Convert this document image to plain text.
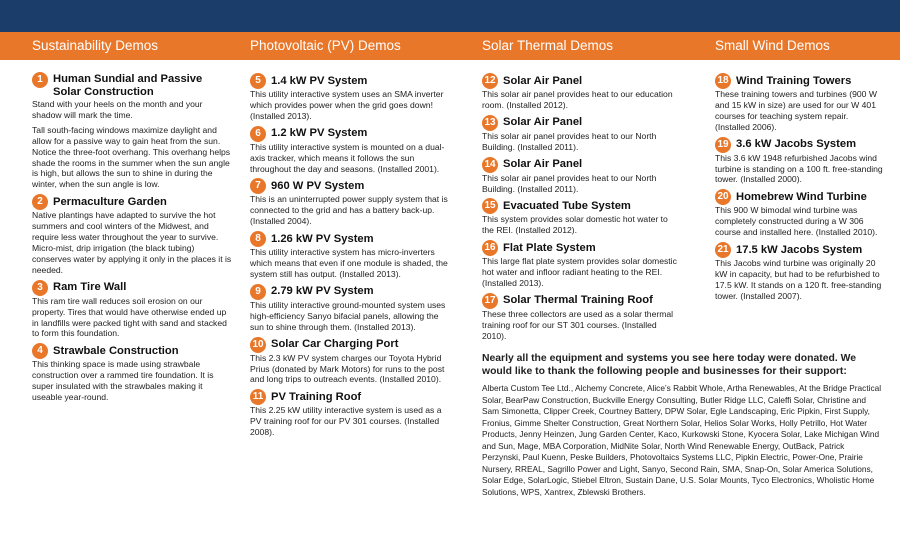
Sustainability Demos	Photovoltaic (PV) Demos	Solar Thermal Demos	Small Wind Demos
1 Human Sundial and Passive Solar Construction

Stand with your heels on the month and your shadow will mark the time.

Tall south-facing windows maximize daylight and allow for a passive way to gain heat from the sun. Notice the three-foot overhang. This overhang helps shade the rooms in the summer when the sun angle is high, but allows the sun to shine in during the winter, when the sun angle is low.

2 Permaculture Garden

Native plantings have adapted to survive the hot summers and cool winters of the Midwest, and require less water throughout the year to survive. Micro-mist, drip irrigation (the black tubing) conserves water by applying it only in the places it is needed.

3 Ram Tire Wall

This ram tire wall reduces soil erosion on our property. Tires that would have otherwise ended up in landfills were packed tight with sand and stacked to form this foundation.

4 Strawbale Construction

This thinking space is made using strawbale construction over a rammed tire foundation. It is super insulated with the strawbales making it useable year-round.

5 1.4 kW PV System

This utility interactive system uses an SMA inverter which provides power when the grid goes down! (Installed 2013).

6 1.2 kW PV System

This utility interactive system is mounted on a dual-axis tracker, which means it follows the sun throughout the day and seasons. (Installed 2001).

7 960 W PV System

This is an uninterrupted power supply system that is connected to the grid and has a battery back-up. (Installed 2004).

8 1.26 kW PV System

This utility interactive system has micro-inverters which means that even if one module is shaded, the system still has output. (Installed 2013).

9 2.79 kW PV System

This utility interactive ground-mounted system uses high-efficiency Sanyo bifacial panels, allowing the sun to shine through them. (Installed 2013).

10 Solar Car Charging Port

This 2.3 kW PV system charges our Toyota Hybrid Prius (donated by Mark Motors) for runs to the post and long trips to outreach events. (Installed 2010).

11 PV Training Roof

This 2.25 kW utility interactive system is used as a PV training roof for our PV 301 courses. (Installed 2008).

12 Solar Air Panel

This solar air panel provides heat to our education room. (Installed 2012).

13 Solar Air Panel

This solar air panel provides heat to our North Building. (Installed 2011).

14 Solar Air Panel

This solar air panel provides heat to our North Building. (Installed 2011).

15 Evacuated Tube System

This system provides solar domestic hot water to the REI. (Installed 2012).

16 Flat Plate System

This large flat plate system provides solar domestic hot water and infloor radiant heating to the REI. (Installed 2013).

17 Solar Thermal Training Roof

These three collectors are used as a solar thermal training roof for our ST 301 courses. (Installed 2010).

18 Wind Training Towers

These training towers and turbines (900 W and 15 kW in size) are used for our W 401 courses for teaching system repair. (Installed 2006).

19 3.6 kW Jacobs System

This 3.6 kW 1948 refurbished Jacobs wind turbine is standing on a 100 ft. free-standing tower. (Installed 2000).

20 Homebrew Wind Turbine

This 900 W bimodal wind turbine was completely constructed during a W 306 course and installed here. (Installed 2010).

21 17.5 kW Jacobs System

This Jacobs wind turbine was originally 20 kW in capacity, but had to be refurbished to 17.5 kW. It stands on a 120 ft. free-standing tower. (Installed 2007).

Nearly all the equipment and systems you see here today were donated. We would like to thank the following people and businesses for their support:
Alberta Custom Tee Ltd., Alchemy Concrete, Alice’s Rabbit Whole, Artha Renewables, At the Bridge Practical Solar, BearPaw Construction, Buckville Energy Consulting, Butler Ridge LLC, Caleffi Solar, Christine and Sam Simonetta, Clipper Creek, Courtney Battery, DPW Solar, Egle Landscaping, Eric Pipkin, First Supply, Fronius, Gimme Shelter Construction, Great Northern Solar, Helios Solar Works, Holly Petrillo, Hot Water Products, Jenny Heinzen, Jung Garden Center, Kaco, Kurkowski Stone, Kyocera Solar, Lake Michigan Wind and Sun, Mage, MBA Corporation, MidNite Solar, North Wind Renewable Energy, OutBack, Patrick Perzynski, Paul Kuenn, Peske Builders, Photovoltaics Systems LLC, Pipkin Electric, Power-One, Prairie Nursery, RREAL, Sagrillo Power and Light, Sanyo, Second Rain, SMA, Snap-On, Solar America Solutions, Solar Edge, SolarLogic, Stiebel Eltron, Sustain Dane, U.S. Solar Mounts, Tyco Electronics, Wholistic Home Solutions, WPS, Xantrex, Zblewski Brothers.
